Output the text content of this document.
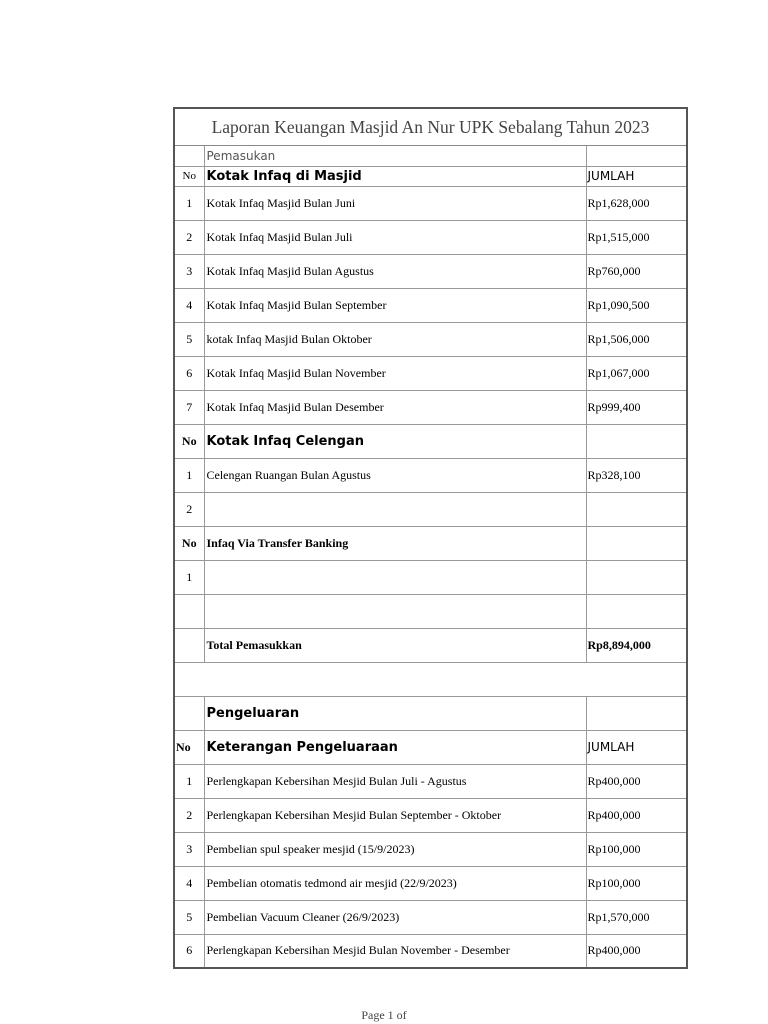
Laporan Keuangan Masjid An Nur UPK Sebalang Tahun 2023
	Pemasukan	
No	Kotak Infaq di Masjid	JUMLAH
1	Kotak Infaq Masjid Bulan Juni	Rp1,628,000
2	Kotak Infaq Masjid Bulan Juli	Rp1,515,000
3	Kotak Infaq Masjid Bulan Agustus	Rp760,000
4	Kotak Infaq Masjid Bulan September	Rp1,090,500
5	kotak Infaq Masjid Bulan Oktober	Rp1,506,000
6	Kotak Infaq Masjid Bulan November	Rp1,067,000
7	Kotak Infaq Masjid Bulan Desember	Rp999,400
No	Kotak Infaq Celengan	
1	Celengan Ruangan Bulan Agustus	Rp328,100
2		
No	Infaq Via Transfer Banking	
1		

	Total Pemasukkan	Rp8,894,000

	Pengeluaran	
No	Keterangan Pengeluaraan	JUMLAH
1	Perlengkapan Kebersihan Mesjid Bulan Juli - Agustus	Rp400,000
2	Perlengkapan Kebersihan Mesjid Bulan September - Oktober	Rp400,000
3	Pembelian spul speaker mesjid (15/9/2023)	Rp100,000
4	Pembelian otomatis tedmond air mesjid (22/9/2023)	Rp100,000
5	Pembelian Vacuum Cleaner (26/9/2023)	Rp1,570,000
6	Perlengkapan Kebersihan Mesjid Bulan November - Desember	Rp400,000
Page 1 of
